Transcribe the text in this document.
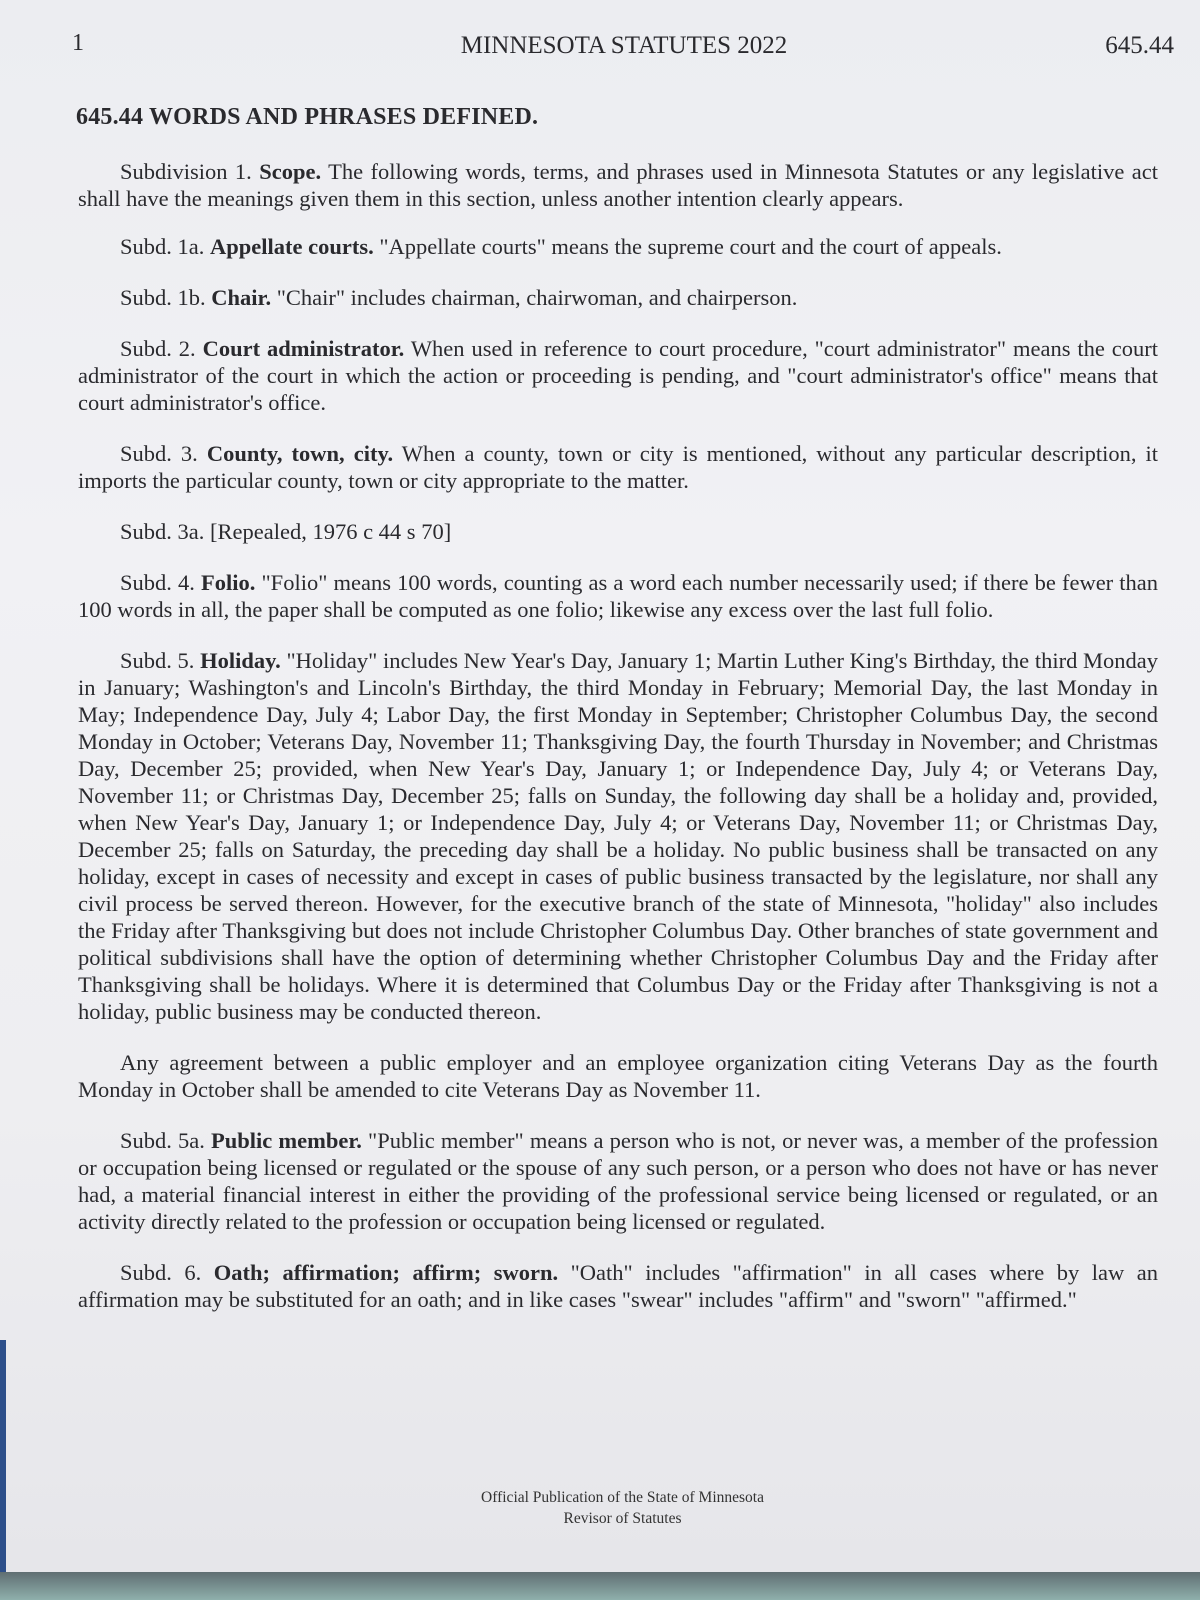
1	MINNESOTA STATUTES 2022	645.44
645.44 WORDS AND PHRASES DEFINED.

Subdivision 1. Scope. The following words, terms, and phrases used in Minnesota Statutes or any legislative act shall have the meanings given them in this section, unless another intention clearly appears.

Subd. 1a. Appellate courts. "Appellate courts" means the supreme court and the court of appeals.

Subd. 1b. Chair. "Chair" includes chairman, chairwoman, and chairperson.

Subd. 2. Court administrator. When used in reference to court procedure, "court administrator" means the court administrator of the court in which the action or proceeding is pending, and "court administrator's office" means that court administrator's office.

Subd. 3. County, town, city. When a county, town or city is mentioned, without any particular description, it imports the particular county, town or city appropriate to the matter.

Subd. 3a. [Repealed, 1976 c 44 s 70]

Subd. 4. Folio. "Folio" means 100 words, counting as a word each number necessarily used; if there be fewer than 100 words in all, the paper shall be computed as one folio; likewise any excess over the last full folio.

Subd. 5. Holiday. "Holiday" includes New Year's Day, January 1; Martin Luther King's Birthday, the third Monday in January; Washington's and Lincoln's Birthday, the third Monday in February; Memorial Day, the last Monday in May; Independence Day, July 4; Labor Day, the first Monday in September; Christopher Columbus Day, the second Monday in October; Veterans Day, November 11; Thanksgiving Day, the fourth Thursday in November; and Christmas Day, December 25; provided, when New Year's Day, January 1; or Independence Day, July 4; or Veterans Day, November 11; or Christmas Day, December 25; falls on Sunday, the following day shall be a holiday and, provided, when New Year's Day, January 1; or Independence Day, July 4; or Veterans Day, November 11; or Christmas Day, December 25; falls on Saturday, the preceding day shall be a holiday. No public business shall be transacted on any holiday, except in cases of necessity and except in cases of public business transacted by the legislature, nor shall any civil process be served thereon. However, for the executive branch of the state of Minnesota, "holiday" also includes the Friday after Thanksgiving but does not include Christopher Columbus Day. Other branches of state government and political subdivisions shall have the option of determining whether Christopher Columbus Day and the Friday after Thanksgiving shall be holidays. Where it is determined that Columbus Day or the Friday after Thanksgiving is not a holiday, public business may be conducted thereon.

Any agreement between a public employer and an employee organization citing Veterans Day as the fourth Monday in October shall be amended to cite Veterans Day as November 11.

Subd. 5a. Public member. "Public member" means a person who is not, or never was, a member of the profession or occupation being licensed or regulated or the spouse of any such person, or a person who does not have or has never had, a material financial interest in either the providing of the professional service being licensed or regulated, or an activity directly related to the profession or occupation being licensed or regulated.

Subd. 6. Oath; affirmation; affirm; sworn. "Oath" includes "affirmation" in all cases where by law an affirmation may be substituted for an oath; and in like cases "swear" includes "affirm" and "sworn" "affirmed."

Official Publication of the State of Minnesota
Revisor of Statutes
